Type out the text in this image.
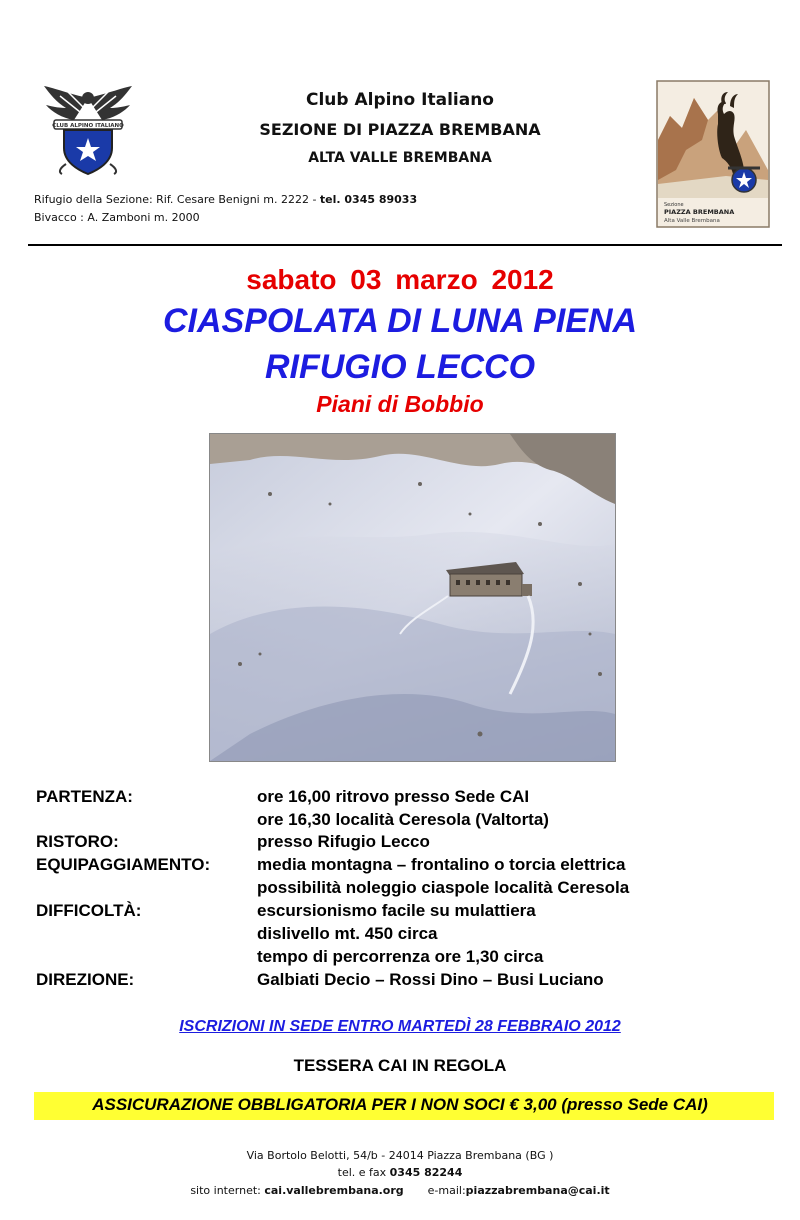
CLUB ALPINO ITALIANO
Club Alpino Italiano
SEZIONE DI PIAZZA BREMBANA
ALTA VALLE BREMBANA
Sezione
PIAZZA BREMBANA
Alta Valle Brembana
Rifugio della Sezione: Rif. Cesare Benigni m. 2222 - tel. 0345 89033
Bivacco : A. Zamboni m. 2000
sabato 03 marzo 2012
CIASPOLATA DI LUNA PIENA
RIFUGIO LECCO
Piani di Bobbio
PARTENZA:	ore 16,00 ritrovo presso Sede CAI
ore 16,30 località Ceresola (Valtorta)
RISTORO:	presso Rifugio Lecco
EQUIPAGGIAMENTO:	media montagna – frontalino o torcia elettrica
possibilità noleggio ciaspole località Ceresola
DIFFICOLTÀ:	escursionismo facile su mulattiera
dislivello mt. 450 circa
tempo di percorrenza ore 1,30 circa
DIREZIONE:	Galbiati Decio – Rossi Dino – Busi Luciano
ISCRIZIONI IN SEDE ENTRO MARTEDÌ 28 FEBBRAIO 2012
TESSERA CAI IN REGOLA
ASSICURAZIONE OBBLIGATORIA PER I NON SOCI € 3,00 (presso Sede CAI)
Via Bortolo Belotti, 54/b - 24014 Piazza Brembana (BG )
tel. e fax 0345 82244
sito internet: cai.vallebrembana.org e-mail:piazzabrembana@cai.it
